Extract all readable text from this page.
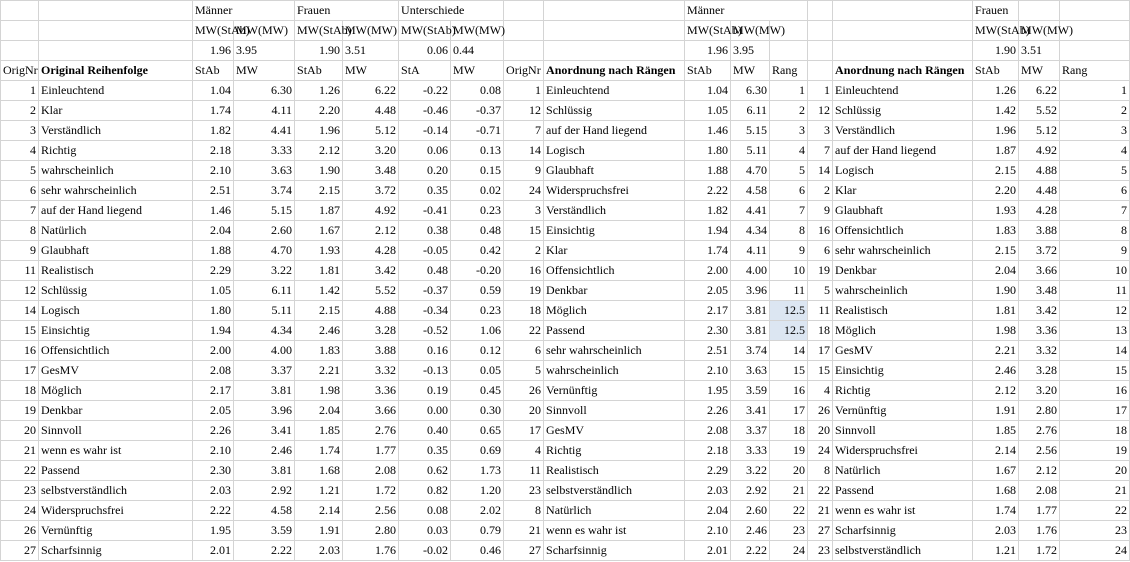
		Männer		Frauen		Unterschiede				Männer					Frauen			
		MW(StAb)	MW(MW)	MW(StAb)	MW(MW)	MW(StAb)	MW(MW)			MW(StAb)	MW(MW)				MW(StAb)	MW(MW)		
		1.96	3.95	1.90	3.51	0.06	0.44			1.96	3.95				1.90	3.51		
OrigNr	Original Reihenfolge	StAb	MW	StAb	MW	StA	MW	OrigNr	Anordnung nach Rängen	StAb	MW	Rang		Anordnung nach Rängen	StAb	MW	Rang	
1	Einleuchtend	1.04	6.30	1.26	6.22	-0.22	0.08	1	Einleuchtend	1.04	6.30	1	1	Einleuchtend	1.26	6.22	1	
2	Klar	1.74	4.11	2.20	4.48	-0.46	-0.37	12	Schlüssig	1.05	6.11	2	12	Schlüssig	1.42	5.52	2	
3	Verständlich	1.82	4.41	1.96	5.12	-0.14	-0.71	7	auf der Hand liegend	1.46	5.15	3	3	Verständlich	1.96	5.12	3	
4	Richtig	2.18	3.33	2.12	3.20	0.06	0.13	14	Logisch	1.80	5.11	4	7	auf der Hand liegend	1.87	4.92	4	
5	wahrscheinlich	2.10	3.63	1.90	3.48	0.20	0.15	9	Glaubhaft	1.88	4.70	5	14	Logisch	2.15	4.88	5	
6	sehr wahrscheinlich	2.51	3.74	2.15	3.72	0.35	0.02	24	Widerspruchsfrei	2.22	4.58	6	2	Klar	2.20	4.48	6	
7	auf der Hand liegend	1.46	5.15	1.87	4.92	-0.41	0.23	3	Verständlich	1.82	4.41	7	9	Glaubhaft	1.93	4.28	7	
8	Natürlich	2.04	2.60	1.67	2.12	0.38	0.48	15	Einsichtig	1.94	4.34	8	16	Offensichtlich	1.83	3.88	8	
9	Glaubhaft	1.88	4.70	1.93	4.28	-0.05	0.42	2	Klar	1.74	4.11	9	6	sehr wahrscheinlich	2.15	3.72	9	
11	Realistisch	2.29	3.22	1.81	3.42	0.48	-0.20	16	Offensichtlich	2.00	4.00	10	19	Denkbar	2.04	3.66	10	
12	Schlüssig	1.05	6.11	1.42	5.52	-0.37	0.59	19	Denkbar	2.05	3.96	11	5	wahrscheinlich	1.90	3.48	11	
14	Logisch	1.80	5.11	2.15	4.88	-0.34	0.23	18	Möglich	2.17	3.81	12.5	11	Realistisch	1.81	3.42	12	
15	Einsichtig	1.94	4.34	2.46	3.28	-0.52	1.06	22	Passend	2.30	3.81	12.5	18	Möglich	1.98	3.36	13	
16	Offensichtlich	2.00	4.00	1.83	3.88	0.16	0.12	6	sehr wahrscheinlich	2.51	3.74	14	17	GesMV	2.21	3.32	14	
17	GesMV	2.08	3.37	2.21	3.32	-0.13	0.05	5	wahrscheinlich	2.10	3.63	15	15	Einsichtig	2.46	3.28	15	
18	Möglich	2.17	3.81	1.98	3.36	0.19	0.45	26	Vernünftig	1.95	3.59	16	4	Richtig	2.12	3.20	16	
19	Denkbar	2.05	3.96	2.04	3.66	0.00	0.30	20	Sinnvoll	2.26	3.41	17	26	Vernünftig	1.91	2.80	17	
20	Sinnvoll	2.26	3.41	1.85	2.76	0.40	0.65	17	GesMV	2.08	3.37	18	20	Sinnvoll	1.85	2.76	18	
21	wenn es wahr ist	2.10	2.46	1.74	1.77	0.35	0.69	4	Richtig	2.18	3.33	19	24	Widerspruchsfrei	2.14	2.56	19	
22	Passend	2.30	3.81	1.68	2.08	0.62	1.73	11	Realistisch	2.29	3.22	20	8	Natürlich	1.67	2.12	20	
23	selbstverständlich	2.03	2.92	1.21	1.72	0.82	1.20	23	selbstverständlich	2.03	2.92	21	22	Passend	1.68	2.08	21	
24	Widerspruchsfrei	2.22	4.58	2.14	2.56	0.08	2.02	8	Natürlich	2.04	2.60	22	21	wenn es wahr ist	1.74	1.77	22	
26	Vernünftig	1.95	3.59	1.91	2.80	0.03	0.79	21	wenn es wahr ist	2.10	2.46	23	27	Scharfsinnig	2.03	1.76	23	
27	Scharfsinnig	2.01	2.22	2.03	1.76	-0.02	0.46	27	Scharfsinnig	2.01	2.22	24	23	selbstverständlich	1.21	1.72	24	
